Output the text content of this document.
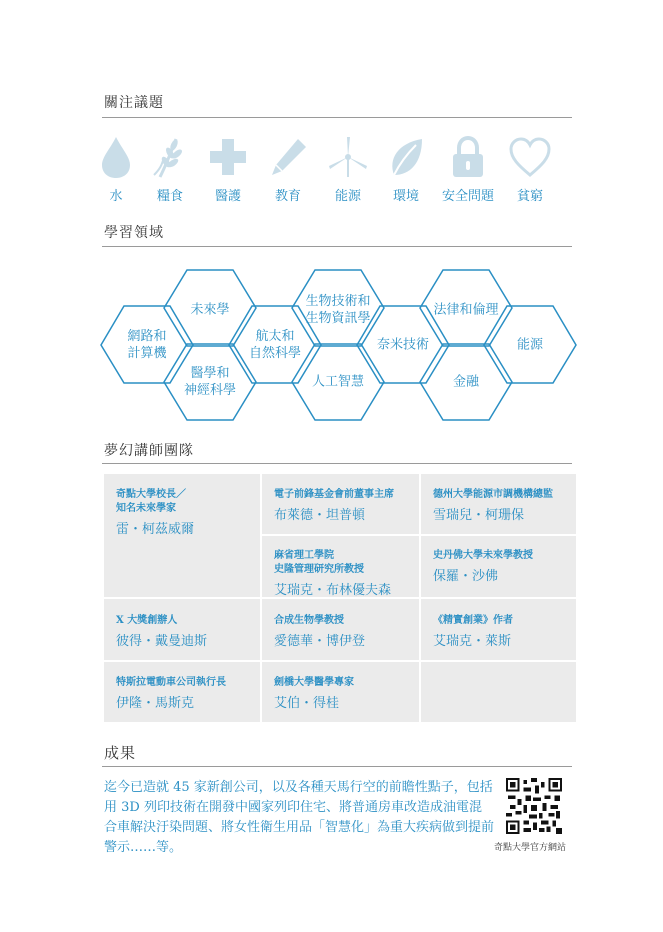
關注議題
水	糧食	醫護	教育	能源	環境	安全問題	貧窮
學習領域
網路和
計算機
未來學
醫學和
神經科學
航太和
自然科學
生物技術和
生物資訊學
人工智慧
奈米技術
法律和倫理
金融
能源
夢幻講師團隊
奇點大學校長／
知名未來學家
雷・柯茲威爾
電子前鋒基金會前董事主席
布萊德・坦普頓
德州大學能源市調機構總監
雪瑞兒・柯珊保
麻省理工學院
史隆管理研究所教授
艾瑞克・布林優夫森
史丹佛大學未來學教授
保羅・沙佛
X 大獎創辦人
彼得・戴曼迪斯
合成生物學教授
愛德華・博伊登
《精實創業》作者
艾瑞克・萊斯
特斯拉電動車公司執行長
伊隆・馬斯克
劍橋大學醫學專家
艾伯・得桂
成果
迄今已造就 45 家新創公司，以及各種天馬行空的前瞻性點子，包括用 3D 列印技術在開發中國家列印住宅、將普通房車改造成油電混合車解決汙染問題、將女性衛生用品「智慧化」為重大疾病做到提前警示……等。	奇點大學官方網站
